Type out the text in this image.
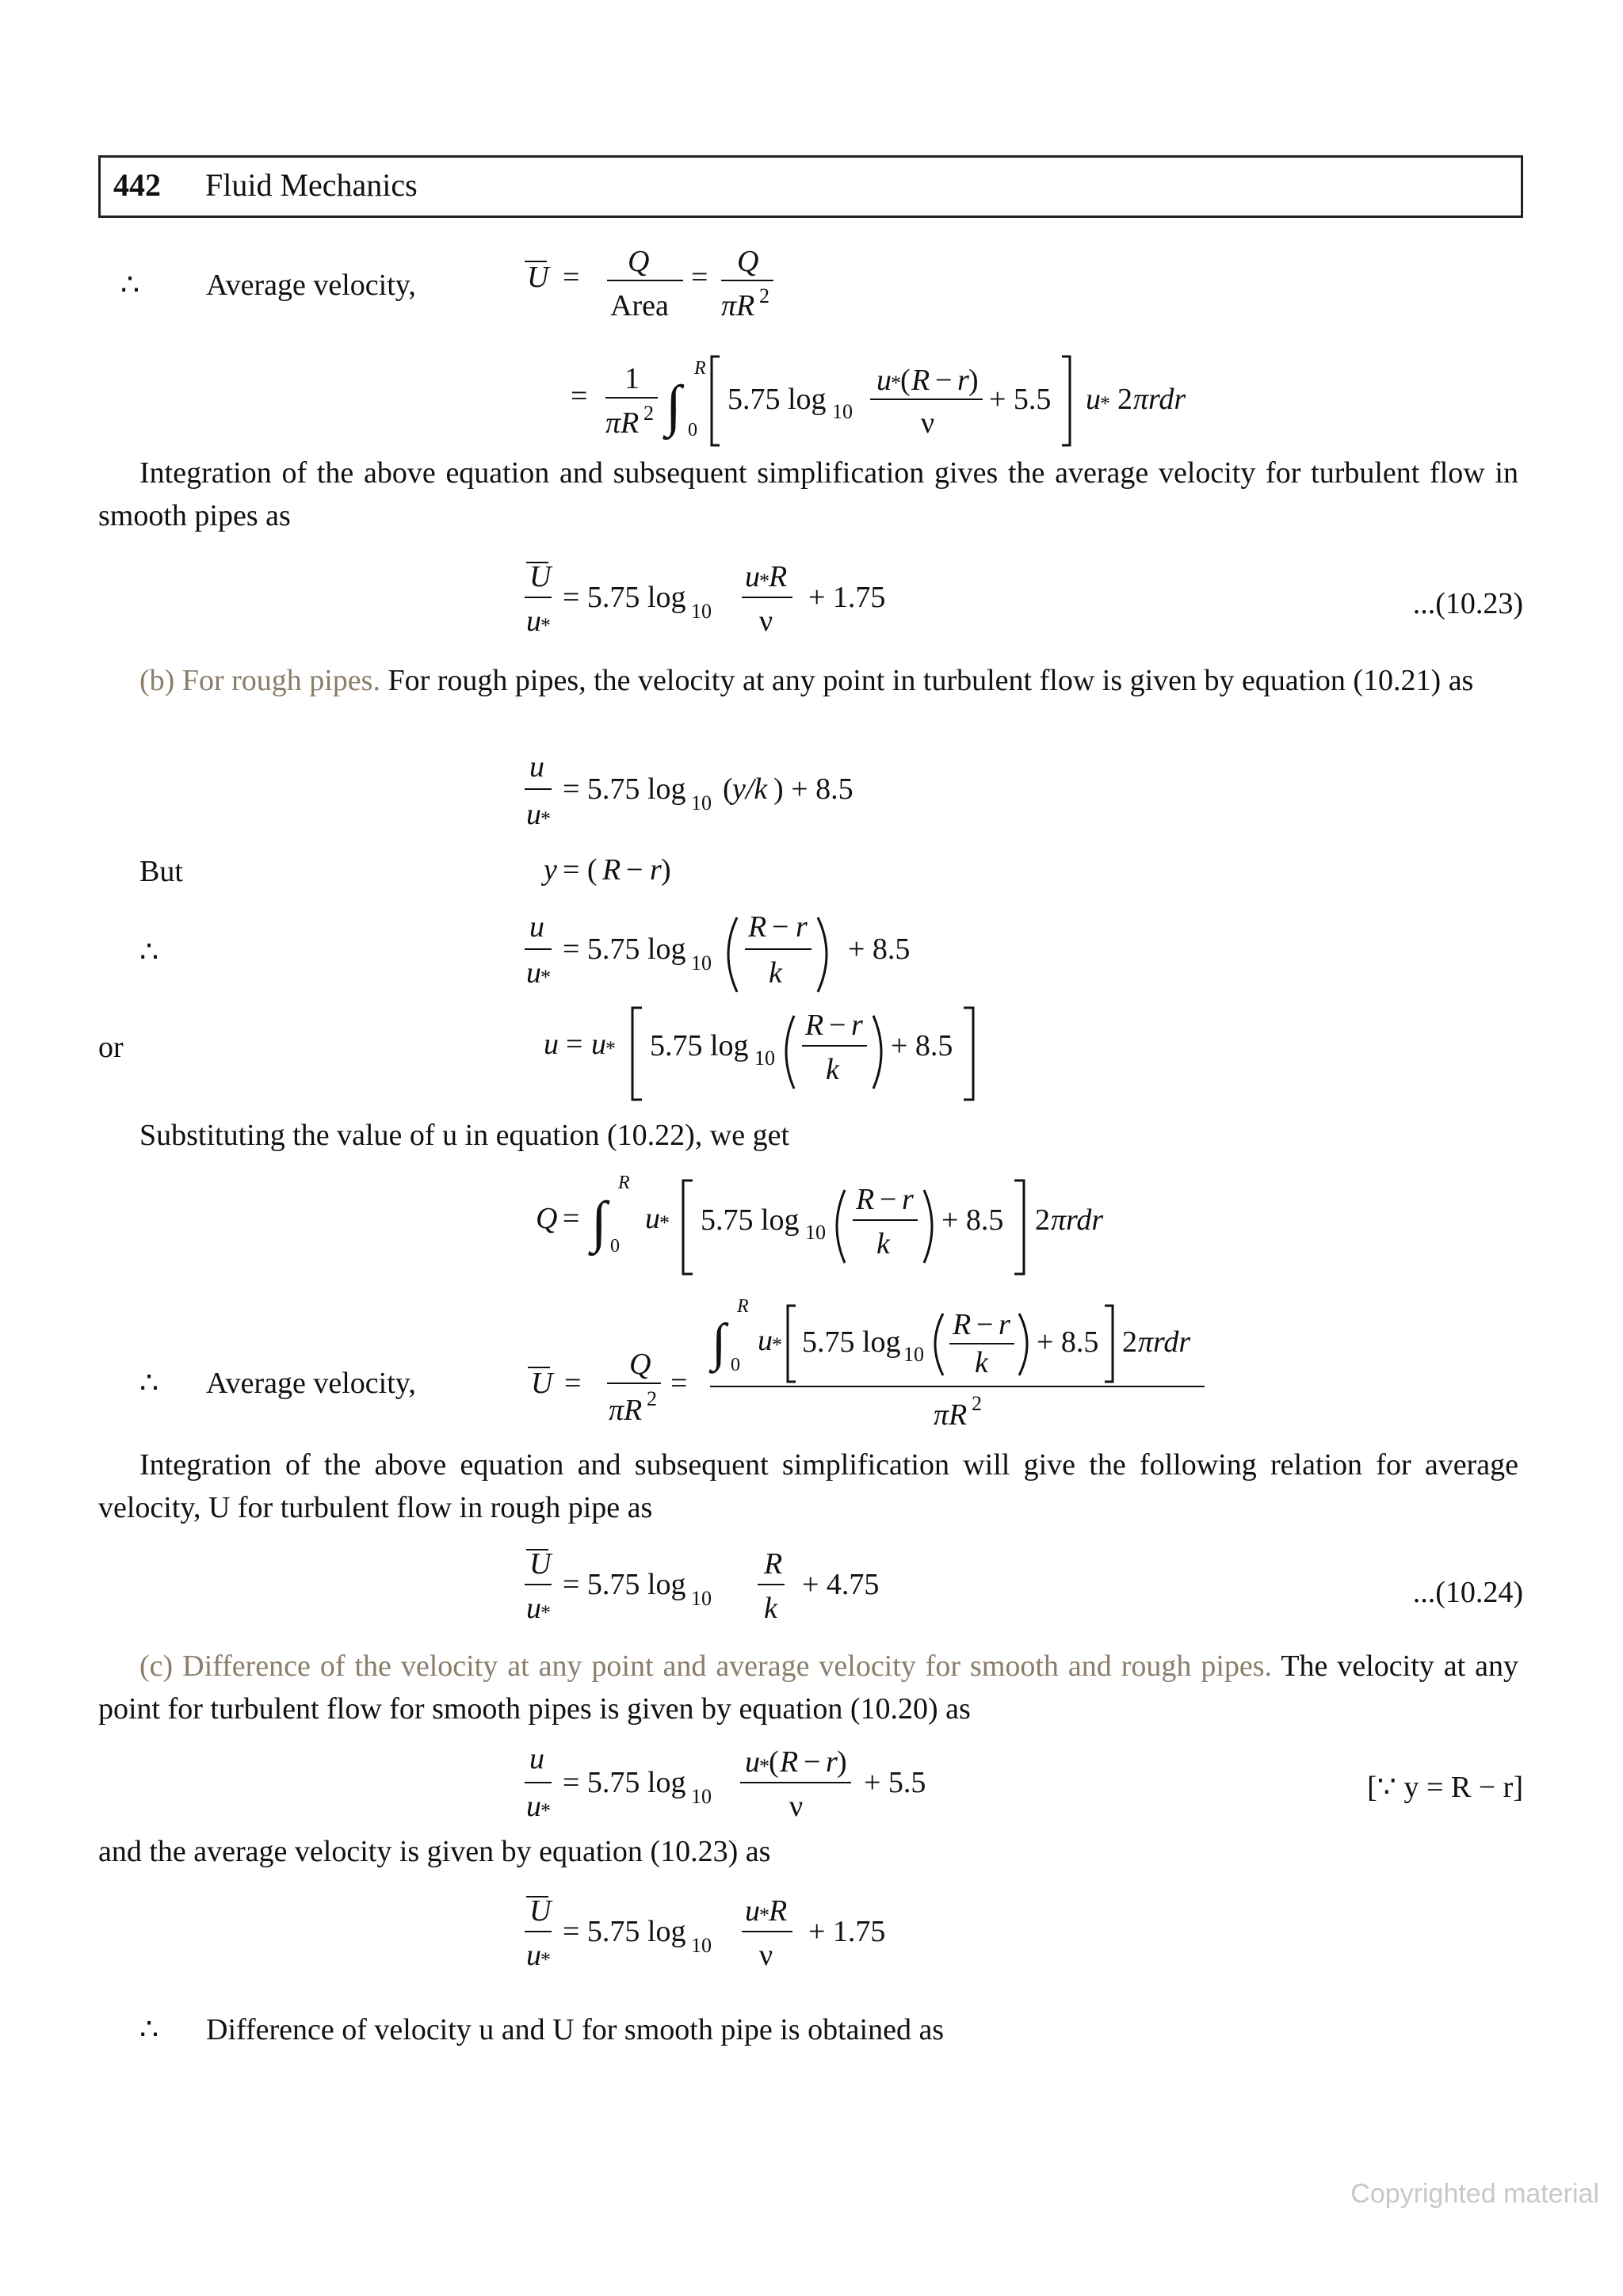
442 Fluid Mechanics
∴ Average velocity,	U = Q
Area
= Q
πR 2
=
1
πR 2 ∫
R
0
5.75 log 10
u * ( R − r )
ν
+ 5.5 u * 2 πrdr

Integration of the above equation and subsequent simplification gives the average velocity for turbulent flow in smooth pipes as

U
u *
= 5.75 log 10
u * R
ν
+ 1.75	...(10.23)

(b) For rough pipes. For rough pipes, the velocity at any point in turbulent flow is given by equation (10.21) as

u
u *
= 5.75 log 10 ( y/k ) + 8.5
But	y = ( R − r )
∴
u
u *
= 5.75 log 10
R − r
k
+ 8.5
or	u = u * 5.75 log 10
R − r
k
+ 8.5

Substituting the value of u in equation (10.22), we get

Q = ∫
R
0
u * 5.75 log 10
R − r
k
+ 8.5 2 πrdr
∴ Average velocity,	U =
Q
πR 2 =
∫
R
0
u * 5.75 log 10
R − r
k
+ 8.5 2 πrdr
πR 2

Integration of the above equation and subsequent simplification will give the following relation for average velocity, U for turbulent flow in rough pipe as

U
u *
= 5.75 log 10
R
k
+ 4.75	...(10.24)

(c) Difference of the velocity at any point and average velocity for smooth and rough pipes. The velocity at any point for turbulent flow for smooth pipes is given by equation (10.20) as

u
u *
= 5.75 log 10
u * ( R − r )
ν
+ 5.5	[∵ y = R − r]

and the average velocity is given by equation (10.23) as

U
u *
= 5.75 log 10
u * R
ν
+ 1.75
∴ Difference of velocity u and U for smooth pipe is obtained as
Copyrighted material
